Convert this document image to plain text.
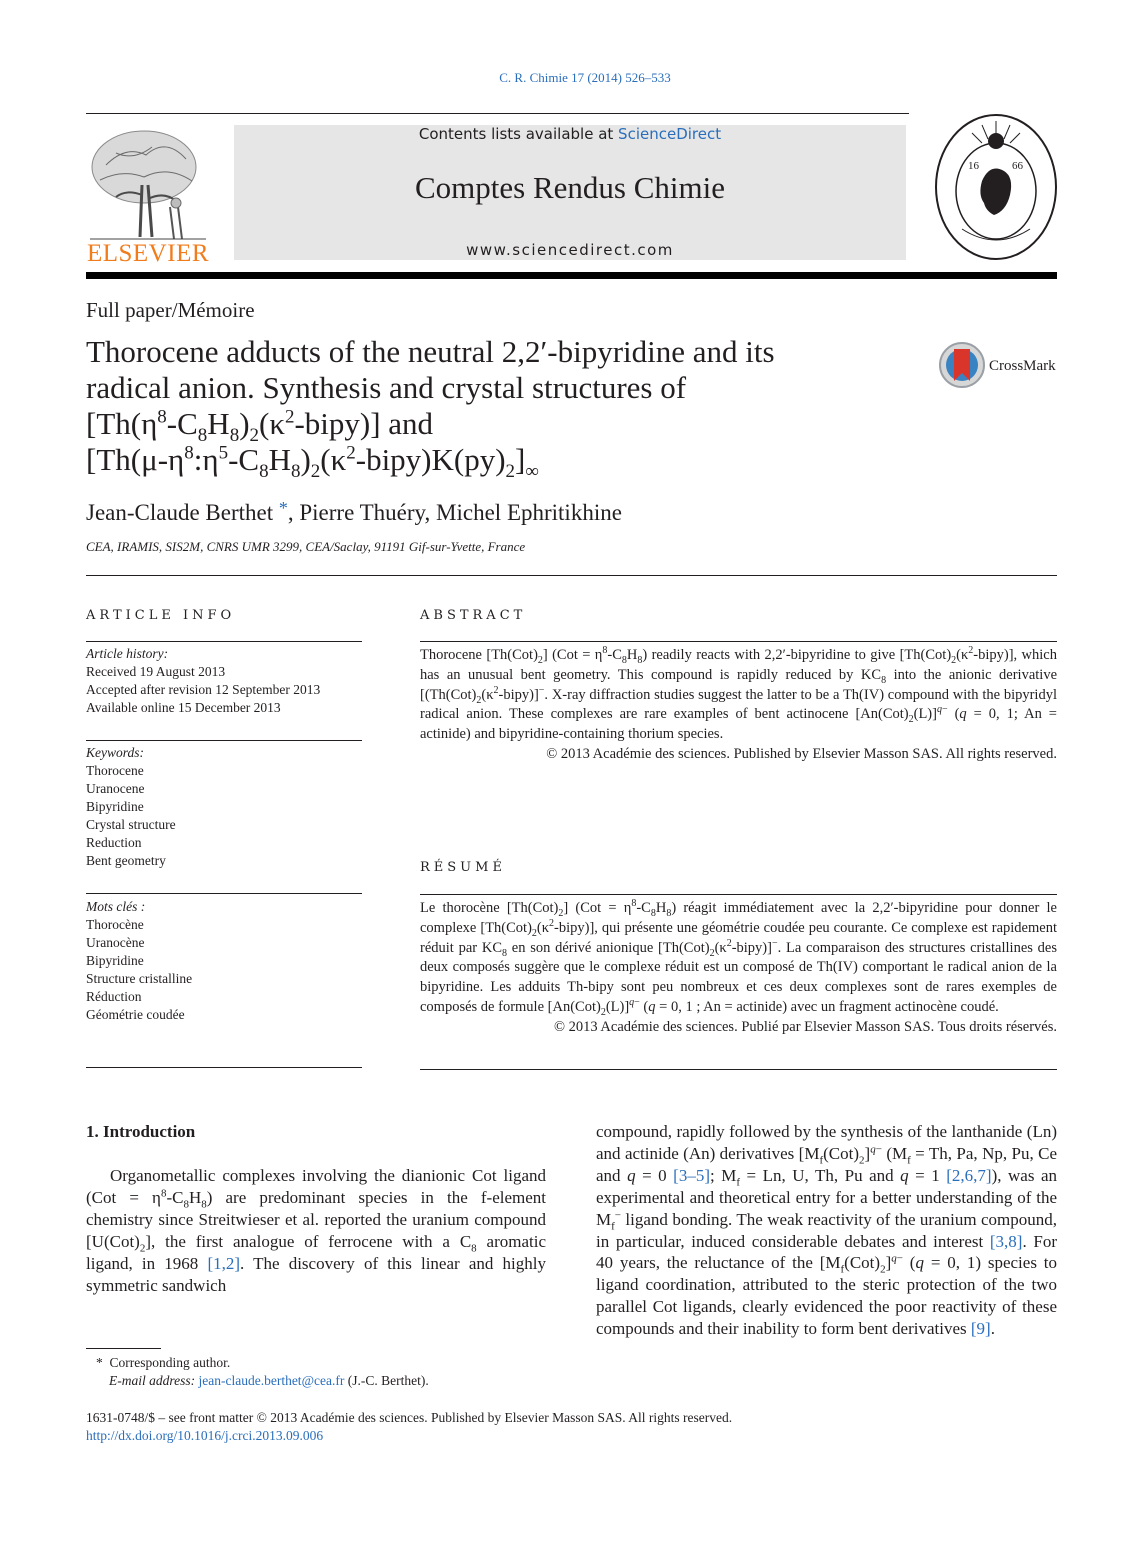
C. R. Chimie 17 (2014) 526–533
ELSEVIER
Contents lists available at ScienceDirect
Comptes Rendus Chimie
www.sciencedirect.com
16	66
Full paper/Mémoire
Thorocene adducts of the neutral 2,2′-bipyridine and its
radical anion. Synthesis and crystal structures of
$[Th(\eta^8-C_8H_8)_2(\kappa^2-bipy)]$ and
$[Th(\mu-\eta^8:\eta^5-C_8H_8)_2(\kappa^2-bipy)K(py)_2]_\infty$
CrossMark
Jean-Claude Berthet *, Pierre Thuéry, Michel Ephritikhine
CEA, IRAMIS, SIS2M, CNRS UMR 3299, CEA/Saclay, 91191 Gif-sur-Yvette, France
ARTICLE INFO
Article history:
Received 19 August 2013
Accepted after revision 12 September 2013
Available online 15 December 2013
Keywords:
Thorocene
Uranocene
Bipyridine
Crystal structure
Reduction
Bent geometry
Mots clés :
Thorocène
Uranocène
Bipyridine
Structure cristalline
Réduction
Géométrie coudée
ABSTRACT
Thorocene $[Th(Cot)_2] (Cot = \eta^8-C_8H_8)$ readily reacts with 2,2′-bipyridine to give $[Th(Cot)_2(\kappa^2-bipy)]$, which has an unusual bent geometry. This compound is rapidly reduced by $KC_8$ into the anionic derivative [$(Th(Cot)_2(\kappa^2-bipy)]^-$. X-ray diffraction studies suggest the latter to be a Th(IV) compound with the bipyridyl radical anion. These complexes are rare examples of bent actinocene $[An(Cot)_2(L)]^{q-}$ (q = 0, 1; An = actinide) and bipyridine-containing thorium species.
© 2013 Académie des sciences. Published by Elsevier Masson SAS. All rights reserved.
RÉSUMÉ
Le thorocène $[Th(Cot)_2] (Cot = \eta^8-C_8H_8)$ réagit immédiatement avec la 2,2′-bipyridine pour donner le complexe $[Th(Cot)_2(\kappa^2-bipy)]$, qui présente une géométrie coudée peu courante. Ce complexe est rapidement réduit par $KC_8$ en son dérivé anionique $[Th(Cot)_2(\kappa^2-bipy)]^-$. La comparaison des structures cristallines des deux composés suggère que le complexe réduit est un composé de Th(IV) comportant le radical anion de la bipyridine. Les adduits Th-bipy sont peu nombreux et ces deux complexes sont de rares exemples de composés de formule $[An(Cot)_2(L)]^{q-}$ (q = 0, 1 ; An = actinide) avec un fragment actinocène coudé.
© 2013 Académie des sciences. Publié par Elsevier Masson SAS. Tous droits réservés.
1. Introduction
Organometallic complexes involving the dianionic Cot ligand $(Cot = \eta^8-C_8H_8)$ are predominant species in the f-element chemistry since Streitwieser et al. reported the uranium compound $[U(Cot)_2]$, the first analogue of ferrocene with a $C_8$ aromatic ligand, in 1968 [1,2]. The discovery of this linear and highly symmetric sandwich
compound, rapidly followed by the synthesis of the lanthanide (Ln) and actinide (An) derivatives $[M_f(Cot)_2]^{q-}$ ($M_f = Th$, Pa, Np, Pu, Ce and q = 0 [3–5]; $M_f = Ln$, U, Th, Pu and q = 1 [2,6,7]), was an experimental and theoretical entry for a better understanding of the $M_f^-$ ligand bonding. The weak reactivity of the uranium compound, in particular, induced considerable debates and interest [3,8]. For 40 years, the reluctance of the $[M_f(Cot)_2]^{q-}$ (q = 0, 1) species to ligand coordination, attributed to the steric protection of the two parallel Cot ligands, clearly evidenced the poor reactivity of these compounds and their inability to form bent derivatives [9].
* Corresponding author.
E-mail address: jean-claude.berthet@cea.fr (J.-C. Berthet).
1631-0748/$ – see front matter © 2013 Académie des sciences. Published by Elsevier Masson SAS. All rights reserved.
http://dx.doi.org/10.1016/j.crci.2013.09.006
